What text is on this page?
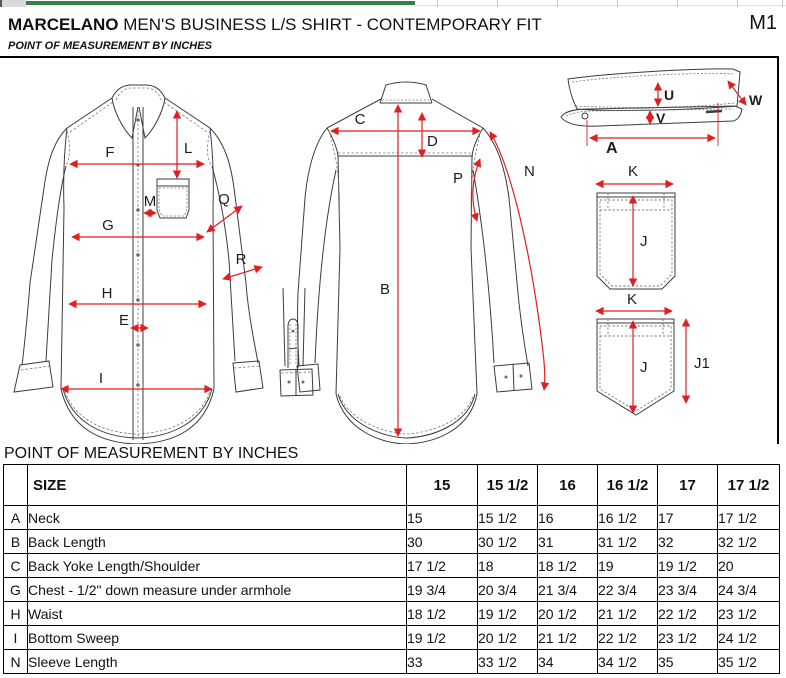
MARCELANO MEN'S BUSINESS L/S SHIRT - CONTEMPORARY FIT	M1
POINT OF MEASUREMENT BY INCHES
F	L
M
G
Q
R
H
E
I
C
D
B
P	N
U
V
W
A
K
J
K
J	J1
POINT OF MEASUREMENT BY INCHES
	SIZE	15	15 1/2	16	16 1/2	17	17 1/2
A	Neck	15	15 1/2	16	16 1/2	17	17 1/2
B	Back Length	30	30 1/2	31	31 1/2	32	32 1/2
C	Back Yoke Length/Shoulder	17 1/2	18	18 1/2	19	19 1/2	20
G	Chest - 1/2" down measure under armhole	19 3/4	20 3/4	21 3/4	22 3/4	23 3/4	24 3/4
H	Waist	18 1/2	19 1/2	20 1/2	21 1/2	22 1/2	23 1/2
I	Bottom Sweep	19 1/2	20 1/2	21 1/2	22 1/2	23 1/2	24 1/2
N	Sleeve Length	33	33 1/2	34	34 1/2	35	35 1/2
